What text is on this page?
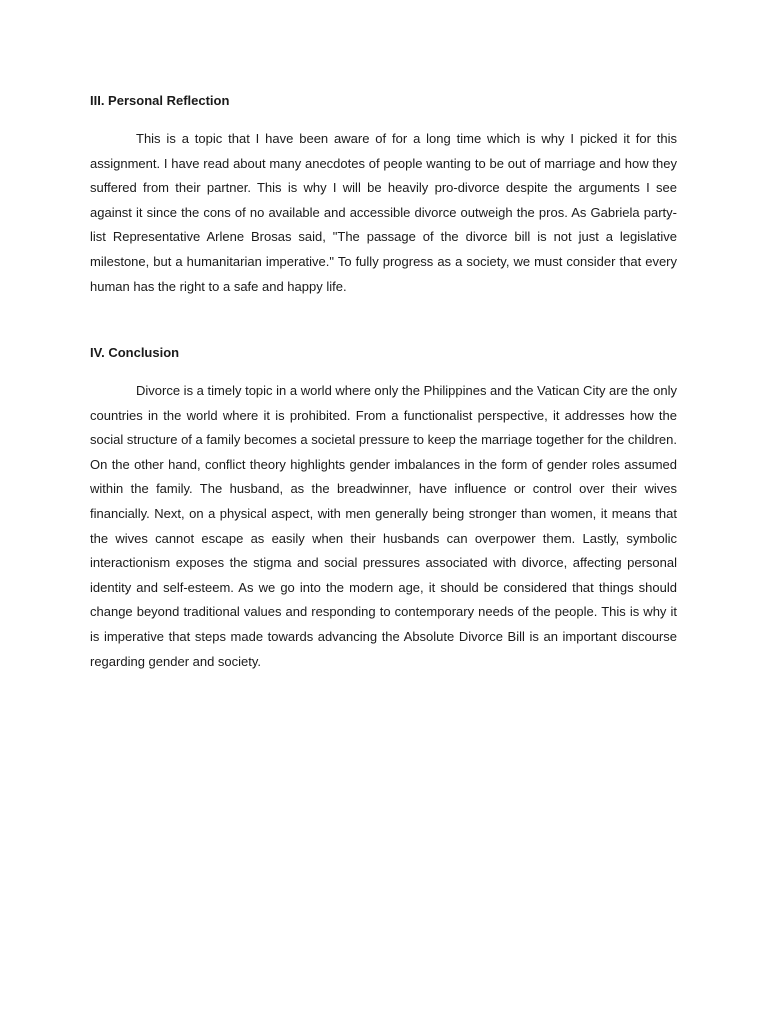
III. Personal Reflection

This is a topic that I have been aware of for a long time which is why I picked it for this assignment. I have read about many anecdotes of people wanting to be out of marriage and how they suffered from their partner. This is why I will be heavily pro-divorce despite the arguments I see against it since the cons of no available and accessible divorce outweigh the pros. As Gabriela party-list Representative Arlene Brosas said, "The passage of the divorce bill is not just a legislative milestone, but a humanitarian imperative." To fully progress as a society, we must consider that every human has the right to a safe and happy life.

IV. Conclusion

Divorce is a timely topic in a world where only the Philippines and the Vatican City are the only countries in the world where it is prohibited. From a functionalist perspective, it addresses how the social structure of a family becomes a societal pressure to keep the marriage together for the children. On the other hand, conflict theory highlights gender imbalances in the form of gender roles assumed within the family. The husband, as the breadwinner, have influence or control over their wives financially. Next, on a physical aspect, with men generally being stronger than women, it means that the wives cannot escape as easily when their husbands can overpower them. Lastly, symbolic interactionism exposes the stigma and social pressures associated with divorce, affecting personal identity and self-esteem. As we go into the modern age, it should be considered that things should change beyond traditional values and responding to contemporary needs of the people. This is why it is imperative that steps made towards advancing the Absolute Divorce Bill is an important discourse regarding gender and society.
